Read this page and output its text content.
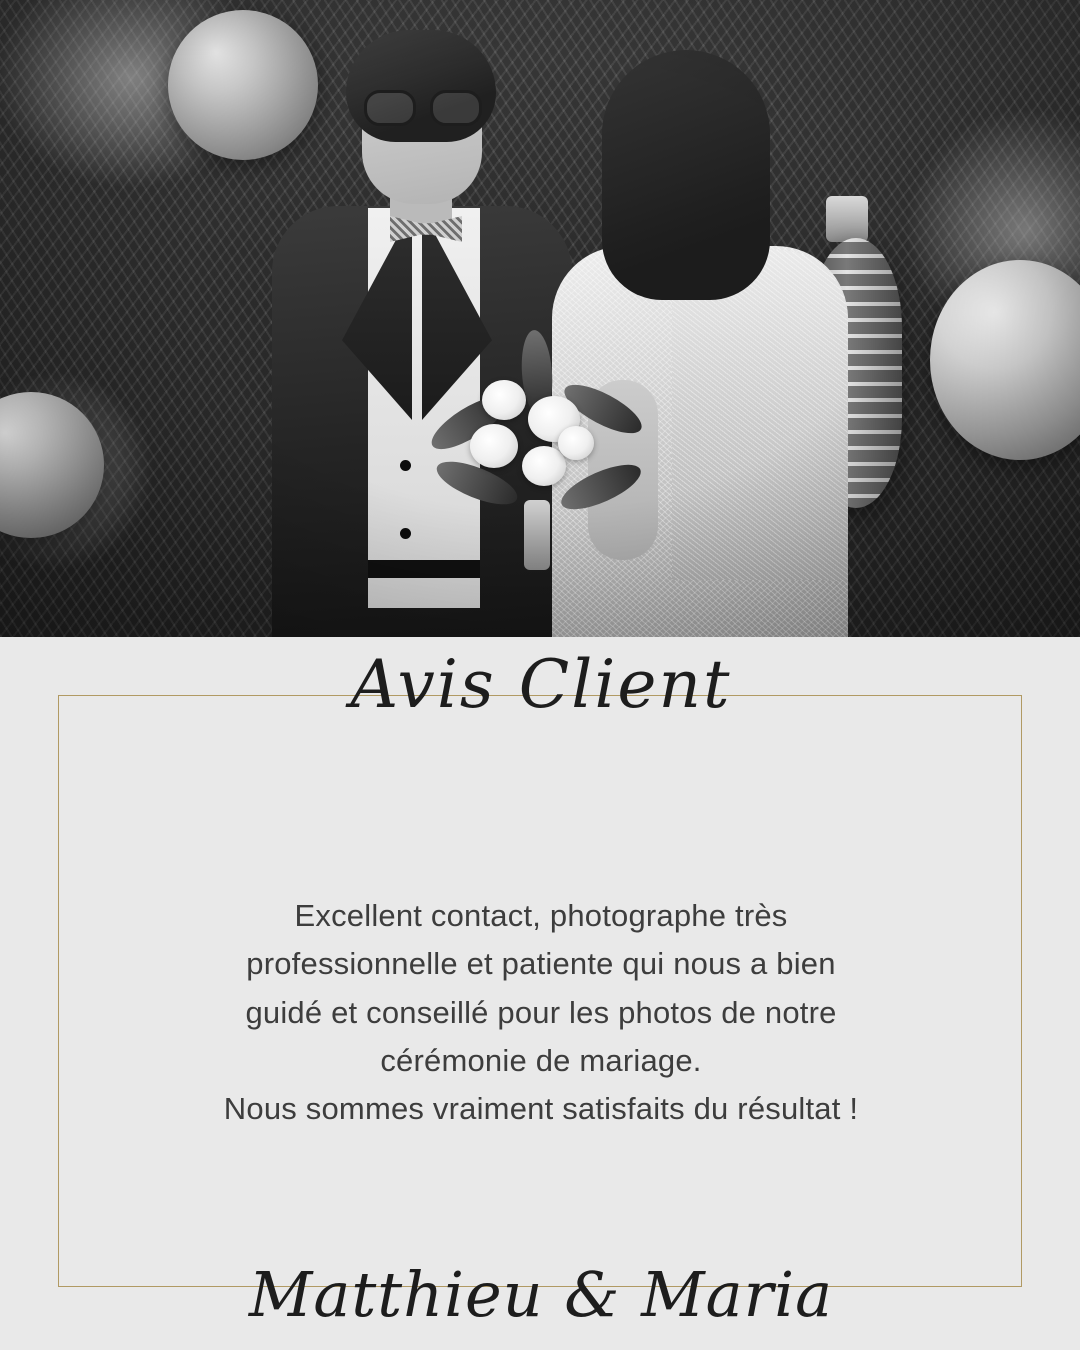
Avis Client
Excellent contact, photographe très
professionnelle et patiente qui nous a bien
guidé et conseillé pour les photos de notre
cérémonie de mariage.
Nous sommes vraiment satisfaits du résultat !
Matthieu & Maria
